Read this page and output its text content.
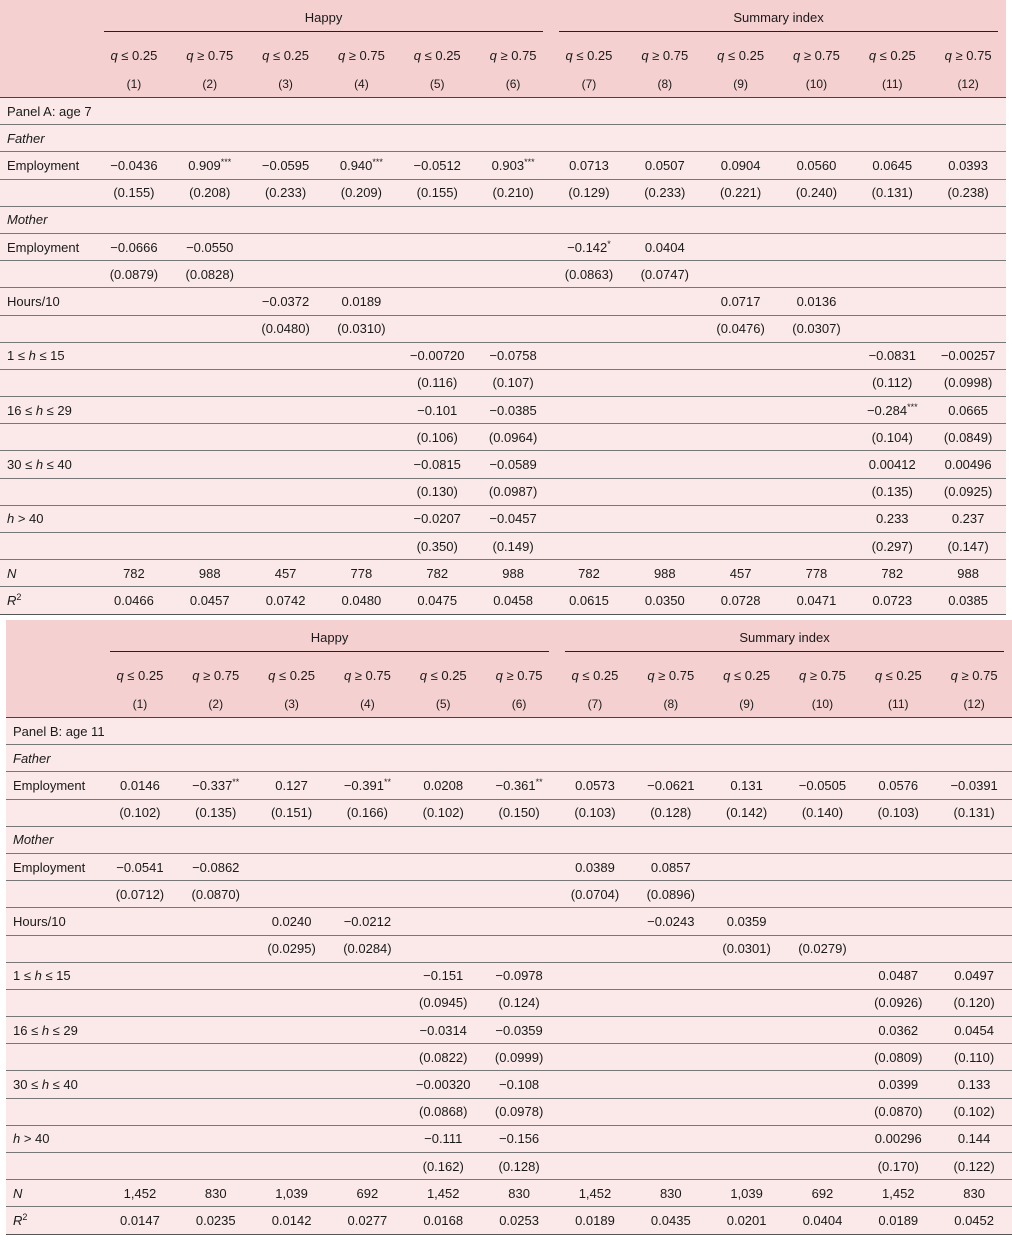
	Happy						Summary index					

	q ≤ 0.25	q ≥ 0.75	q ≤ 0.25	q ≥ 0.75	q ≤ 0.25	q ≥ 0.75	q ≤ 0.25	q ≥ 0.75	q ≤ 0.25	q ≥ 0.75	q ≤ 0.25	q ≥ 0.75
	(1)	(2)	(3)	(4)	(5)	(6)	(7)	(8)	(9)	(10)	(11)	(12)
Panel A: age 7												
Father												
Employment	−0.0436	0.909***	−0.0595	0.940***	−0.0512	0.903***	0.0713	0.0507	0.0904	0.0560	0.0645	0.0393
	(0.155)	(0.208)	(0.233)	(0.209)	(0.155)	(0.210)	(0.129)	(0.233)	(0.221)	(0.240)	(0.131)	(0.238)
Mother												
Employment	−0.0666	−0.0550					−0.142*	0.0404				
	(0.0879)	(0.0828)					(0.0863)	(0.0747)				
Hours/10			−0.0372	0.0189					0.0717	0.0136		
			(0.0480)	(0.0310)					(0.0476)	(0.0307)		
1 ≤ h ≤ 15					−0.00720	−0.0758					−0.0831	−0.00257
					(0.116)	(0.107)					(0.112)	(0.0998)
16 ≤ h ≤ 29					−0.101	−0.0385					−0.284***	0.0665
					(0.106)	(0.0964)					(0.104)	(0.0849)
30 ≤ h ≤ 40					−0.0815	−0.0589					0.00412	0.00496
					(0.130)	(0.0987)					(0.135)	(0.0925)
h > 40					−0.0207	−0.0457					0.233	0.237
					(0.350)	(0.149)					(0.297)	(0.147)
N	782	988	457	778	782	988	782	988	457	778	782	988
$R^2$	0.0466	0.0457	0.0742	0.0480	0.0475	0.0458	0.0615	0.0350	0.0728	0.0471	0.0723	0.0385
	Happy						Summary index					

	q ≤ 0.25	q ≥ 0.75	q ≤ 0.25	q ≥ 0.75	q ≤ 0.25	q ≥ 0.75	q ≤ 0.25	q ≥ 0.75	q ≤ 0.25	q ≥ 0.75	q ≤ 0.25	q ≥ 0.75
	(1)	(2)	(3)	(4)	(5)	(6)	(7)	(8)	(9)	(10)	(11)	(12)
Panel B: age 11												
Father												
Employment	0.0146	−0.337**	0.127	−0.391**	0.0208	−0.361**	0.0573	−0.0621	0.131	−0.0505	0.0576	−0.0391
	(0.102)	(0.135)	(0.151)	(0.166)	(0.102)	(0.150)	(0.103)	(0.128)	(0.142)	(0.140)	(0.103)	(0.131)
Mother												
Employment	−0.0541	−0.0862					0.0389	0.0857				
	(0.0712)	(0.0870)					(0.0704)	(0.0896)				
Hours/10			0.0240	−0.0212				−0.0243	0.0359			
			(0.0295)	(0.0284)					(0.0301)	(0.0279)		
1 ≤ h ≤ 15					−0.151	−0.0978					0.0487	0.0497
					(0.0945)	(0.124)					(0.0926)	(0.120)
16 ≤ h ≤ 29					−0.0314	−0.0359					0.0362	0.0454
					(0.0822)	(0.0999)					(0.0809)	(0.110)
30 ≤ h ≤ 40					−0.00320	−0.108					0.0399	0.133
					(0.0868)	(0.0978)					(0.0870)	(0.102)
h > 40					−0.111	−0.156					0.00296	0.144
					(0.162)	(0.128)					(0.170)	(0.122)
N	1,452	830	1,039	692	1,452	830	1,452	830	1,039	692	1,452	830
$R^2$	0.0147	0.0235	0.0142	0.0277	0.0168	0.0253	0.0189	0.0435	0.0201	0.0404	0.0189	0.0452
